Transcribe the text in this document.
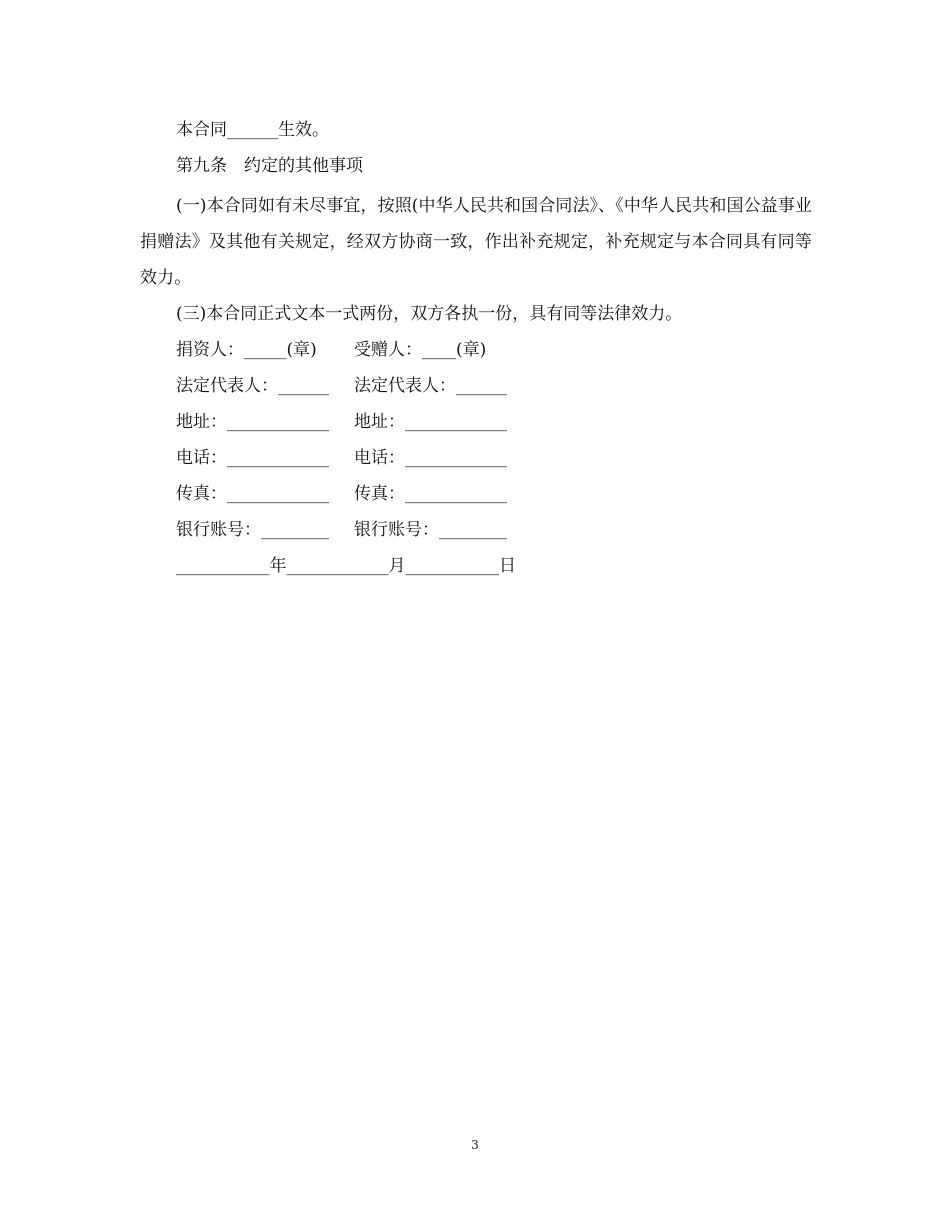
本合同______生效。
第九条　约定的其他事项
(一)本合同如有未尽事宜，按照(中华人民共和国合同法》、《中华人民共和国公益事业捐赠法》及其他有关规定，经双方协商一致，作出补充规定，补充规定与本合同具有同等效力。
(三)本合同正式文本一式两份，双方各执一份，具有同等法律效力。
捐资人：_____(章) 受赠人：____(章)
法定代表人：______ 法定代表人：______
地址：____________ 地址：____________
电话：____________ 电话：____________
传真：____________ 传真：____________
银行账号：________ 银行账号：________
___________年____________月___________日
3
